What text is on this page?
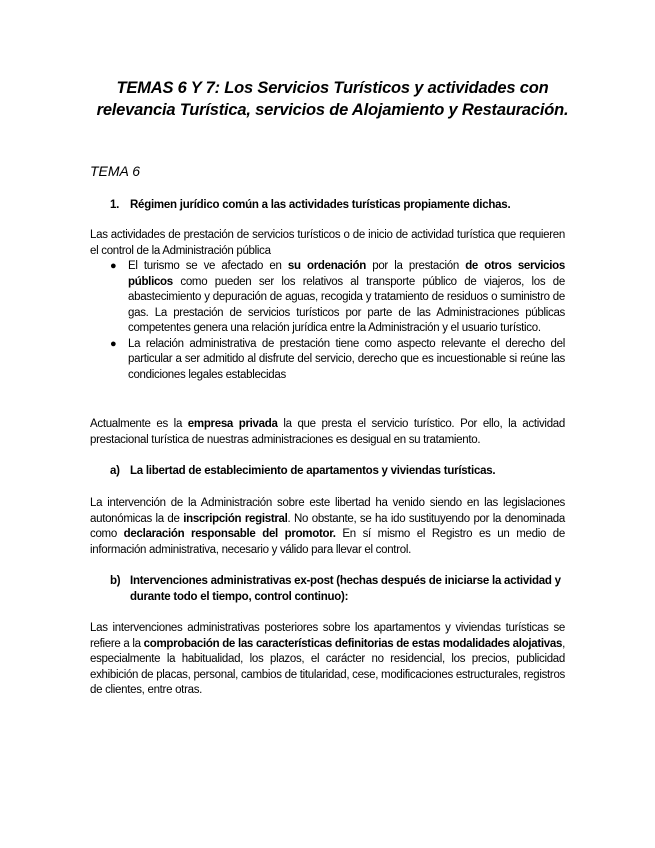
TEMAS 6 Y 7: Los Servicios Turísticos y actividades con relevancia Turística, servicios de Alojamiento y Restauración.
TEMA 6
1. Régimen jurídico común a las actividades turísticas propiamente dichas.

Las actividades de prestación de servicios turísticos o de inicio de actividad turística que requieren el control de la Administración pública

● El turismo se ve afectado en su ordenación por la prestación de otros servicios públicos como pueden ser los relativos al transporte público de viajeros, los de abastecimiento y depuración de aguas, recogida y tratamiento de residuos o suministro de gas. La prestación de servicios turísticos por parte de las Administraciones públicas competentes genera una relación jurídica entre la Administración y el usuario turístico.
● La relación administrativa de prestación tiene como aspecto relevante el derecho del particular a ser admitido al disfrute del servicio, derecho que es incuestionable si reúne las condiciones legales establecidas

Actualmente es la empresa privada la que presta el servicio turístico. Por ello, la actividad prestacional turística de nuestras administraciones es desigual en su tratamiento.

a) La libertad de establecimiento de apartamentos y viviendas turísticas.

La intervención de la Administración sobre este libertad ha venido siendo en las legislaciones autonómicas la de inscripción registral. No obstante, se ha ido sustituyendo por la denominada como declaración responsable del promotor. En sí mismo el Registro es un medio de información administrativa, necesario y válido para llevar el control.

b) Intervenciones administrativas ex-post (hechas después de iniciarse la actividad y durante todo el tiempo, control continuo):

Las intervenciones administrativas posteriores sobre los apartamentos y viviendas turísticas se refiere a la comprobación de las características definitorias de estas modalidades alojativas, especialmente la habitualidad, los plazos, el carácter no residencial, los precios, publicidad exhibición de placas, personal, cambios de titularidad, cese, modificaciones estructurales, registros de clientes, entre otras.
